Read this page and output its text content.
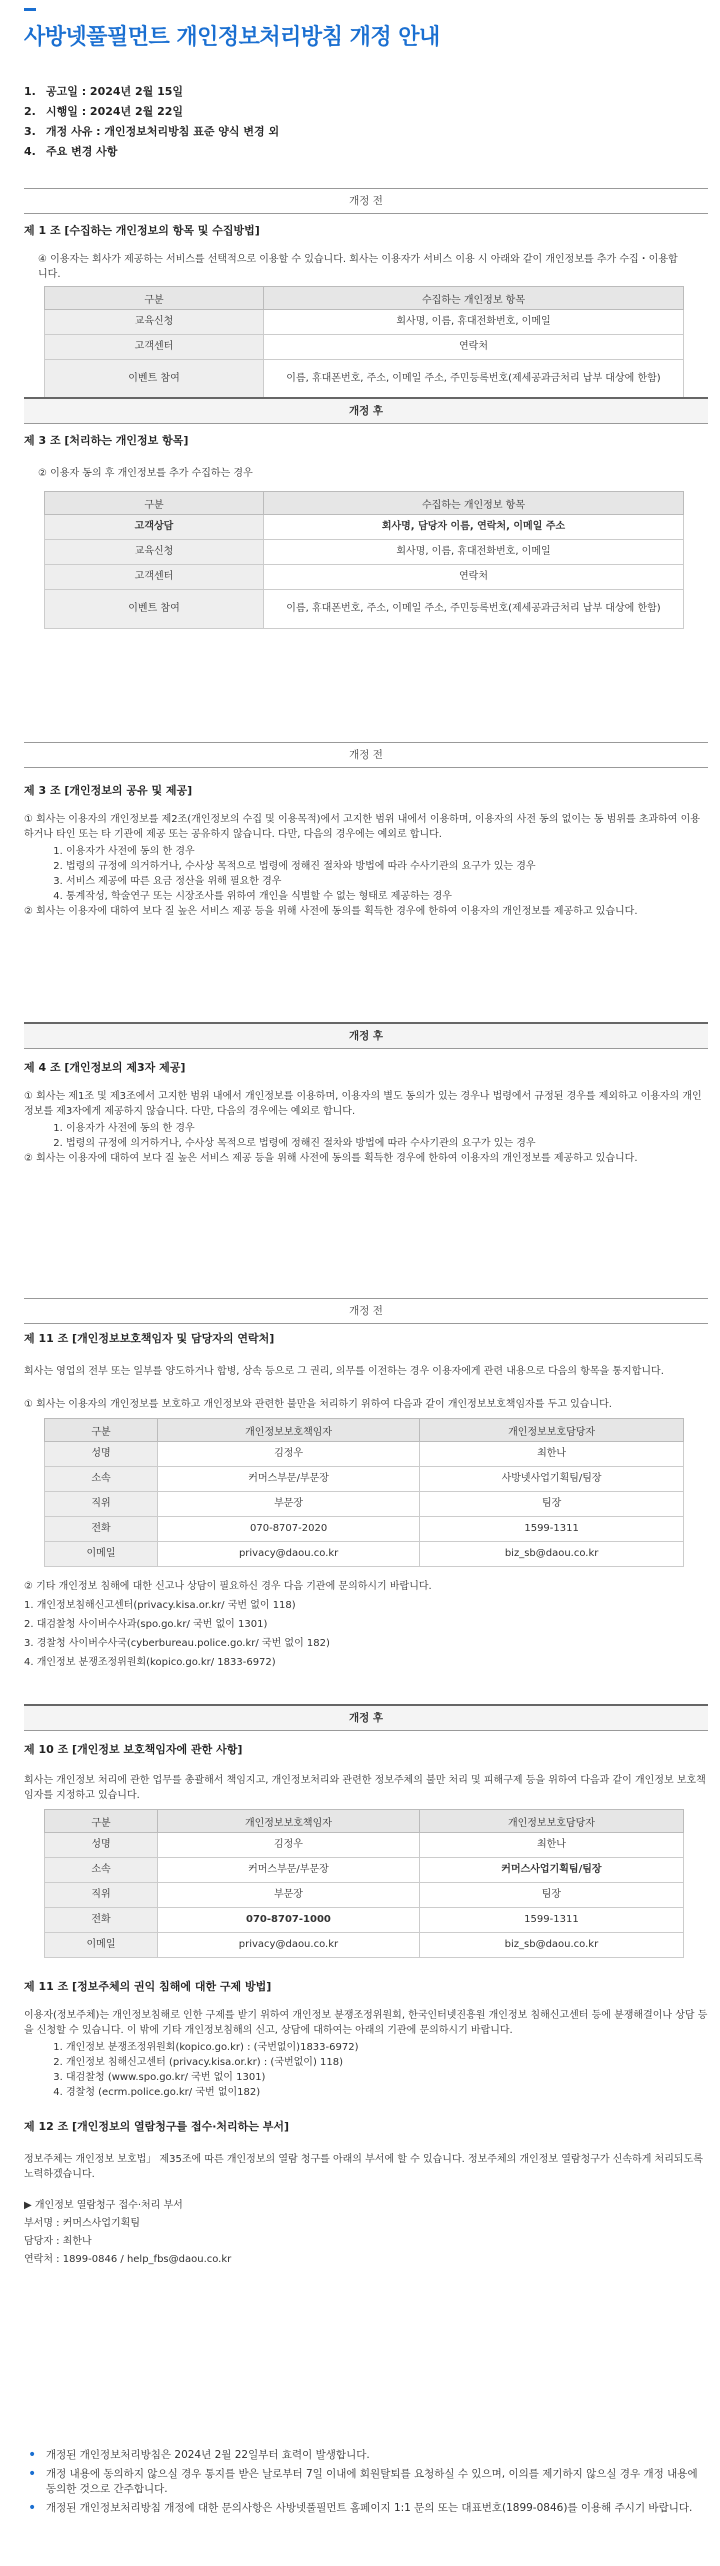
사방넷풀필먼트 개인정보처리방침 개정 안내
1. 공고일 : 2024년 2월 15일
2. 시행일 : 2024년 2월 22일
3. 개정 사유 : 개인정보처리방침 표준 양식 변경 외
4. 주요 변경 사항
개정 전
제 1 조 [수집하는 개인정보의 항목 및 수집방법]

④ 이용자는 회사가 제공하는 서비스를 선택적으로 이용할 수 있습니다. 회사는 이용자가 서비스 이용 시 아래와 같이 개인정보를 추가 수집・이용합니다.

구분	수집하는 개인정보 항목
교육신청	회사명, 이름, 휴대전화번호, 이메일
고객센터	연락처
이벤트 참여	이름, 휴대폰번호, 주소, 이메일 주소, 주민등록번호(제세공과금처리 납부 대상에 한함)
개정 후
제 3 조 [처리하는 개인정보 항목]

② 이용자 동의 후 개인정보를 추가 수집하는 경우

구분	수집하는 개인정보 항목
고객상담	회사명, 담당자 이름, 연락처, 이메일 주소
교육신청	회사명, 이름, 휴대전화번호, 이메일
고객센터	연락처
이벤트 참여	이름, 휴대폰번호, 주소, 이메일 주소, 주민등록번호(제세공과금처리 납부 대상에 한함)
개정 전
제 3 조 [개인정보의 공유 및 제공]

① 회사는 이용자의 개인정보를 제2조(개인정보의 수집 및 이용목적)에서 고지한 범위 내에서 이용하며, 이용자의 사전 동의 없이는 동 범위를 초과하여 이용하거나 타인 또는 타 기관에 제공 또는 공유하지 않습니다. 다만, 다음의 경우에는 예외로 합니다.

1. 이용자가 사전에 동의 한 경우
2. 법령의 규정에 의거하거나, 수사상 목적으로 법령에 정해진 절차와 방법에 따라 수사기관의 요구가 있는 경우
3. 서비스 제공에 따른 요금 정산을 위해 필요한 경우
4. 통계작성, 학술연구 또는 시장조사를 위하여 개인을 식별할 수 없는 형태로 제공하는 경우

② 회사는 이용자에 대하여 보다 질 높은 서비스 제공 등을 위해 사전에 동의를 획득한 경우에 한하여 이용자의 개인정보를 제공하고 있습니다.

개정 후
제 4 조 [개인정보의 제3자 제공]

① 회사는 제1조 및 제3조에서 고지한 범위 내에서 개인정보를 이용하며, 이용자의 별도 동의가 있는 경우나 법령에서 규정된 경우를 제외하고 이용자의 개인정보를 제3자에게 제공하지 않습니다. 다만, 다음의 경우에는 예외로 합니다.

1. 이용자가 사전에 동의 한 경우
2. 법령의 규정에 의거하거나, 수사상 목적으로 법령에 정해진 절차와 방법에 따라 수사기관의 요구가 있는 경우

② 회사는 이용자에 대하여 보다 질 높은 서비스 제공 등을 위해 사전에 동의를 획득한 경우에 한하여 이용자의 개인정보를 제공하고 있습니다.

개정 전
제 11 조 [개인정보보호책임자 및 담당자의 연락처]

회사는 영업의 전부 또는 일부를 양도하거나 합병, 상속 등으로 그 권리, 의무를 이전하는 경우 이용자에게 관련 내용으로 다음의 항목을 통지합니다.

① 회사는 이용자의 개인정보를 보호하고 개인정보와 관련한 불만을 처리하기 위하여 다음과 같이 개인정보보호책임자를 두고 있습니다.

구분	개인정보보호책임자	개인정보보호담당자
성명	김정우	최한나
소속	커머스부문/부문장	사방넷사업기획팀/팀장
직위	부문장	팀장
전화	070-8707-2020	1599-1311
이메일	privacy@daou.co.kr	biz_sb@daou.co.kr

② 기타 개인정보 침해에 대한 신고나 상담이 필요하신 경우 다음 기관에 문의하시기 바랍니다.

1. 개인정보침해신고센터(privacy.kisa.or.kr/ 국번 없이 118)

2. 대검찰청 사이버수사과(spo.go.kr/ 국번 없이 1301)

3. 경찰청 사이버수사국(cyberbureau.police.go.kr/ 국번 없이 182)

4. 개인정보 분쟁조정위원회(kopico.go.kr/ 1833-6972)

개정 후
제 10 조 [개인정보 보호책임자에 관한 사항]

회사는 개인정보 처리에 관한 업무를 총괄해서 책임지고, 개인정보처리와 관련한 정보주체의 불만 처리 및 피해구제 등을 위하여 다음과 같이 개인정보 보호책임자를 지정하고 있습니다.

구분	개인정보보호책임자	개인정보보호담당자
성명	김정우	최한나
소속	커머스부문/부문장	커머스사업기획팀/팀장
직위	부문장	팀장
전화	070-8707-1000	1599-1311
이메일	privacy@daou.co.kr	biz_sb@daou.co.kr
제 11 조 [정보주체의 권익 침해에 대한 구제 방법]

이용자(정보주체)는 개인정보침해로 인한 구제를 받기 위하여 개인정보 분쟁조정위원회, 한국인터넷진흥원 개인정보 침해신고센터 등에 분쟁해결이나 상담 등을 신청할 수 있습니다. 이 밖에 기타 개인정보침해의 신고, 상담에 대하여는 아래의 기관에 문의하시기 바랍니다.

1. 개인정보 분쟁조정위원회(kopico.go.kr) : (국번없이)1833-6972)
2. 개인정보 침해신고센터 (privacy.kisa.or.kr) : (국번없이) 118)
3. 대검찰청 (www.spo.go.kr/ 국번 없이 1301)
4. 경찰청 (ecrm.police.go.kr/ 국번 없이182)
제 12 조 [개인정보의 열람청구를 접수·처리하는 부서]

정보주체는 개인정보 보호법」 제35조에 따른 개인정보의 열람 청구를 아래의 부서에 할 수 있습니다. 정보주체의 개인정보 열람청구가 신속하게 처리되도록 노력하겠습니다.

▶ 개인정보 열람청구 접수·처리 부서

부서명 : 커머스사업기획팀

담당자 : 최한나

연락처 : 1899-0846 / help_fbs@daou.co.kr

• 개정된 개인정보처리방침은 2024년 2월 22일부터 효력이 발생합니다.
• 개정 내용에 동의하지 않으실 경우 통지를 받은 날로부터 7일 이내에 회원탈퇴를 요청하실 수 있으며, 이의를 제기하지 않으실 경우 개정 내용에 동의한 것으로 간주합니다.
• 개정된 개인정보처리방침 개정에 대한 문의사항은 사방넷풀필먼트 홈페이지 1:1 문의 또는 대표번호(1899-0846)를 이용해 주시기 바랍니다.
